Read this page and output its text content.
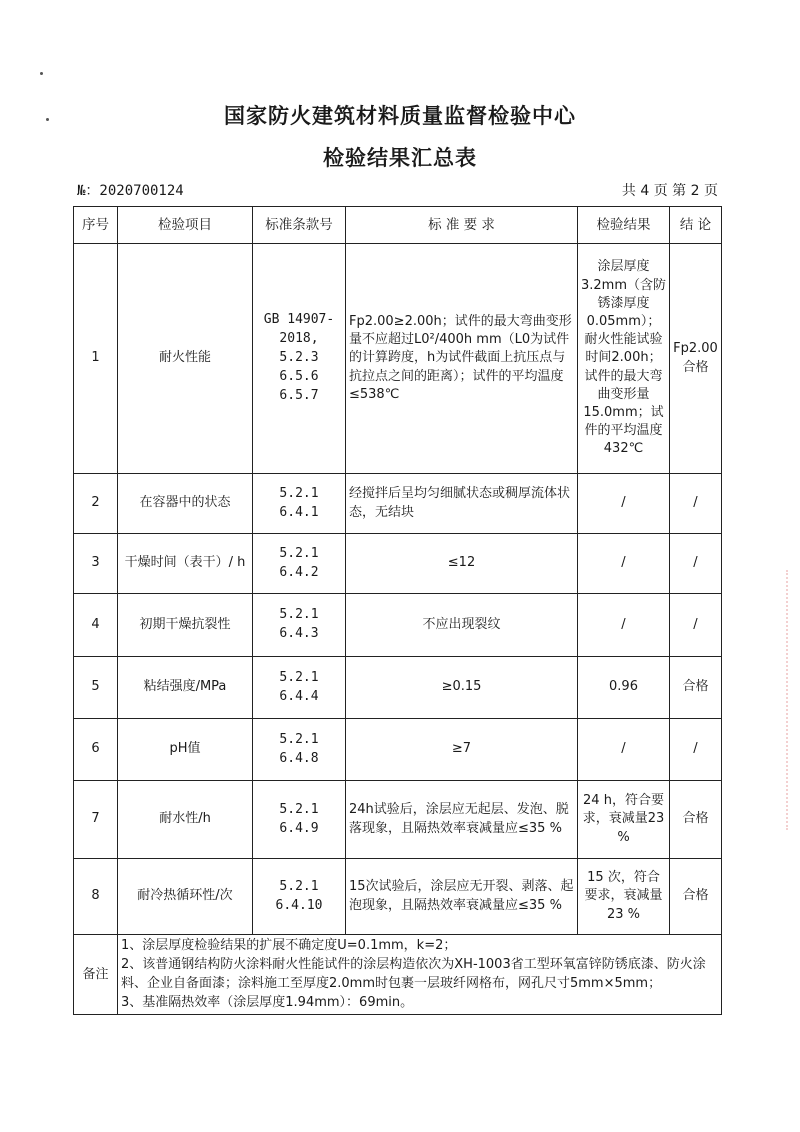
国家防火建筑材料质量监督检验中心
检验结果汇总表
№：2020700124	共 4 页 第 2 页
序号	检验项目	标准条款号	标 准 要 求	检验结果	结 论
1	耐火性能	GB 14907-
2018,
5.2.3
6.5.6
6.5.7	Fp2.00≥2.00h；试件的最大弯曲变形量不应超过L0²/400h mm（L0为试件的计算跨度，h为试件截面上抗压点与抗拉点之间的距离）；试件的平均温度≤538℃	涂层厚度3.2mm（含防锈漆厚度0.05mm）；耐火性能试验时间2.00h；试件的最大弯曲变形量15.0mm；试件的平均温度432℃	Fp2.00 合格
2	在容器中的状态	5.2.1
6.4.1	经搅拌后呈均匀细腻状态或稠厚流体状态，无结块	/	/
3	干燥时间（表干）/ h	5.2.1
6.4.2	≤12	/	/
4	初期干燥抗裂性	5.2.1
6.4.3	不应出现裂纹	/	/
5	粘结强度/MPa	5.2.1
6.4.4	≥0.15	0.96	合格
6	pH值	5.2.1
6.4.8	≥7	/	/
7	耐水性/h	5.2.1
6.4.9	24h试验后，涂层应无起层、发泡、脱落现象，且隔热效率衰减量应≤35 %	24 h，符合要求，衰减量23 %	合格
8	耐冷热循环性/次	5.2.1
6.4.10	15次试验后，涂层应无开裂、剥落、起泡现象，且隔热效率衰减量应≤35 %	15 次，符合要求，衰减量23 %	合格
备注	1、涂层厚度检验结果的扩展不确定度U=0.1mm，k=2；
2、该普通钢结构防火涂料耐火性能试件的涂层构造依次为XH-1003省工型环氧富锌防锈底漆、防火涂料、企业自备面漆；涂料施工至厚度2.0mm时包裹一层玻纤网格布，网孔尺寸5mm×5mm；
3、基准隔热效率（涂层厚度1.94mm）：69min。				
